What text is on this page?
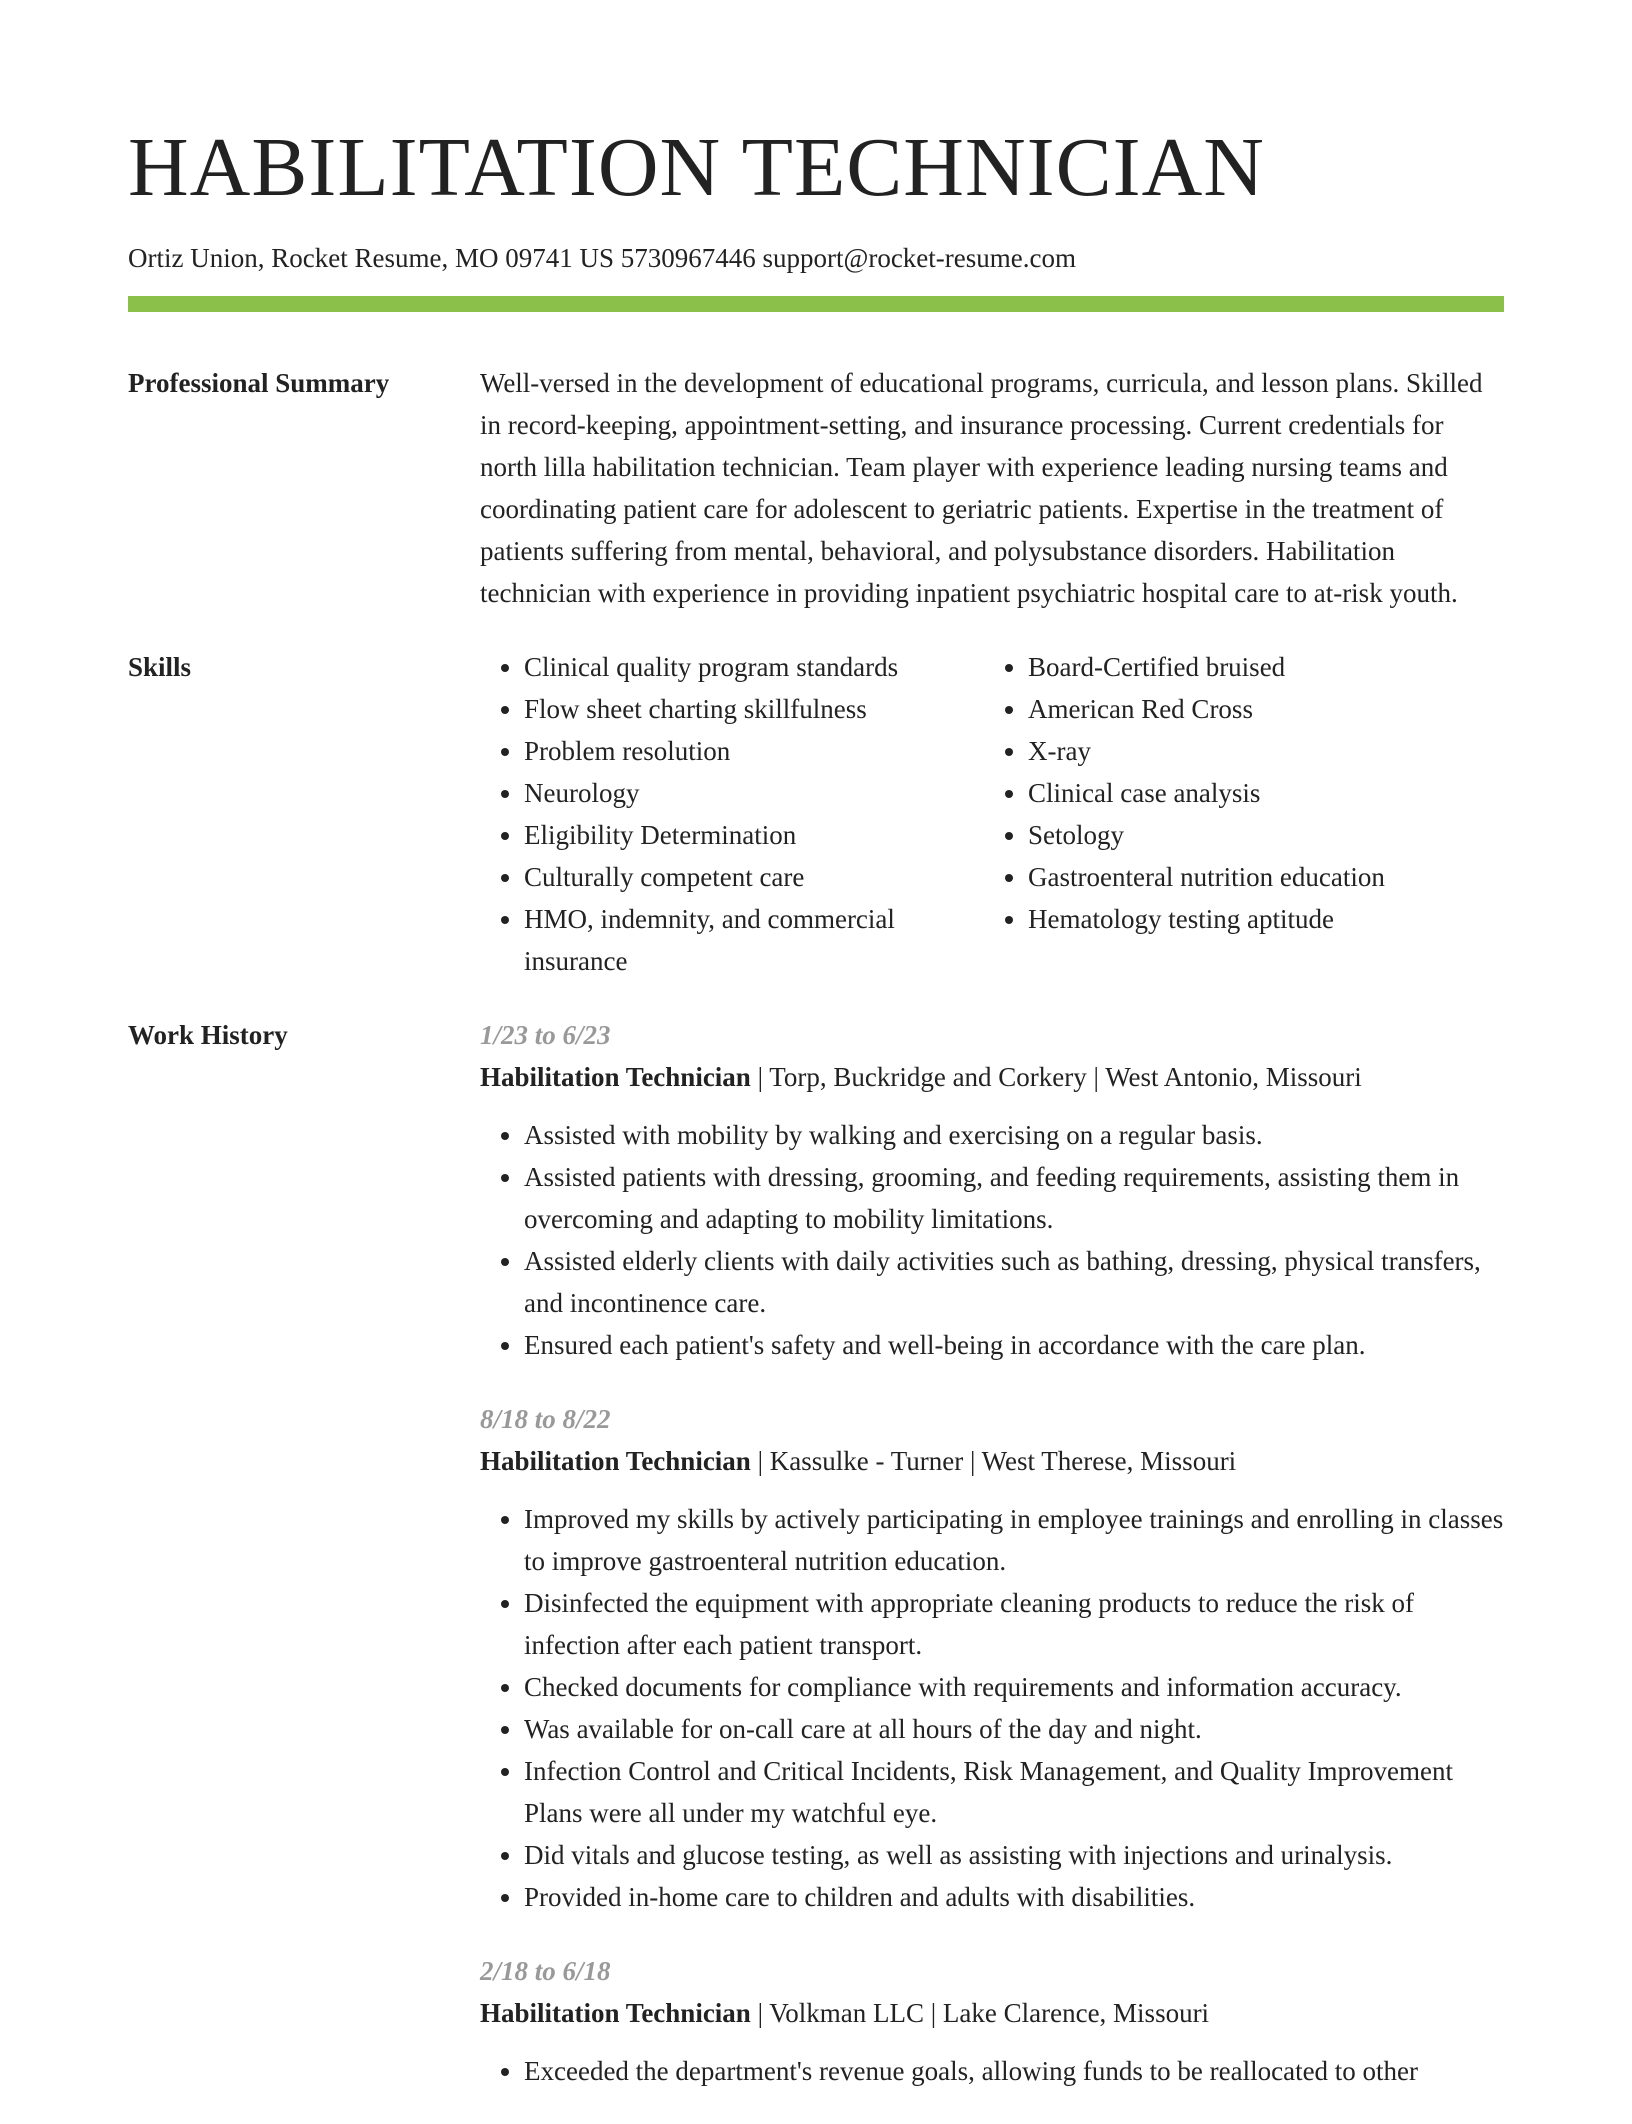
HABILITATION TECHNICIAN
Ortiz Union, Rocket Resume, MO 09741 US 5730967446 support@rocket-resume.com
Professional Summary	Well-versed in the development of educational programs, curricula, and lesson plans. Skilled in record-keeping, appointment-setting, and insurance processing. Current credentials for north lilla habilitation technician. Team player with experience leading nursing teams and coordinating patient care for adolescent to geriatric patients. Expertise in the treatment of patients suffering from mental, behavioral, and polysubstance disorders. Habilitation technician with experience in providing inpatient psychiatric hospital care to at-risk youth.
Skills
•	Clinical quality program standards
• Flow sheet charting skillfulness
• Problem resolution
• Neurology
• Eligibility Determination
• Culturally competent care
• HMO, indemnity, and commercial insurance
• Board-Certified bruised
• American Red Cross
• X-ray
• Clinical case analysis
• Setology
• Gastroenteral nutrition education
• Hematology testing aptitude
Work History	1/23 to 6/23
Habilitation Technician | Torp, Buckridge and Corkery | West Antonio, Missouri
• Assisted with mobility by walking and exercising on a regular basis.
• Assisted patients with dressing, grooming, and feeding requirements, assisting them in overcoming and adapting to mobility limitations.
• Assisted elderly clients with daily activities such as bathing, dressing, physical transfers, and incontinence care.
• Ensured each patient's safety and well-being in accordance with the care plan.
8/18 to 8/22
Habilitation Technician | Kassulke - Turner | West Therese, Missouri
• Improved my skills by actively participating in employee trainings and enrolling in classes to improve gastroenteral nutrition education.
• Disinfected the equipment with appropriate cleaning products to reduce the risk of infection after each patient transport.
• Checked documents for compliance with requirements and information accuracy.
• Was available for on-call care at all hours of the day and night.
• Infection Control and Critical Incidents, Risk Management, and Quality Improvement Plans were all under my watchful eye.
• Did vitals and glucose testing, as well as assisting with injections and urinalysis.
• Provided in-home care to children and adults with disabilities.
2/18 to 6/18
Habilitation Technician | Volkman LLC | Lake Clarence, Missouri
• Exceeded the department's revenue goals, allowing funds to be reallocated to other
